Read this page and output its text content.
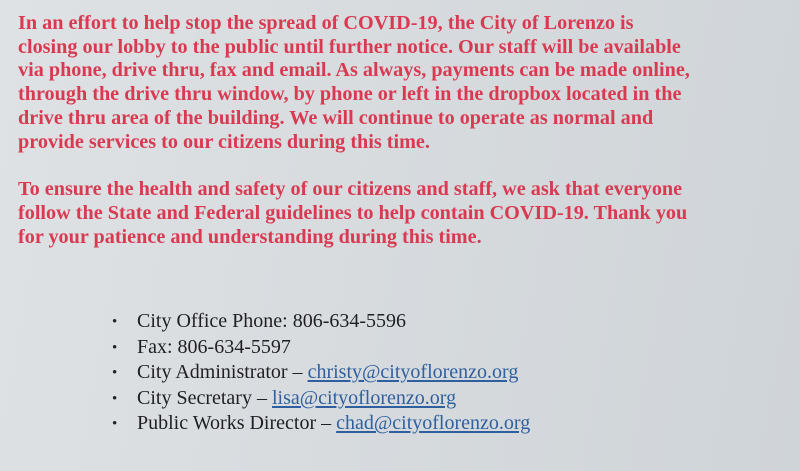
In an effort to help stop the spread of COVID-19, the City of Lorenzo is
closing our lobby to the public until further notice. Our staff will be available
via phone, drive thru, fax and email. As always, payments can be made online,
through the drive thru window, by phone or left in the dropbox located in the
drive thru area of the building. We will continue to operate as normal and
provide services to our citizens during this time.
To ensure the health and safety of our citizens and staff, we ask that everyone
follow the State and Federal guidelines to help contain COVID-19. Thank you
for your patience and understanding during this time.
• City Office Phone: 806-634-5596
• Fax: 806-634-5597
• City Administrator – christy@cityoflorenzo.org
• City Secretary – lisa@cityoflorenzo.org
• Public Works Director – chad@cityoflorenzo.org
